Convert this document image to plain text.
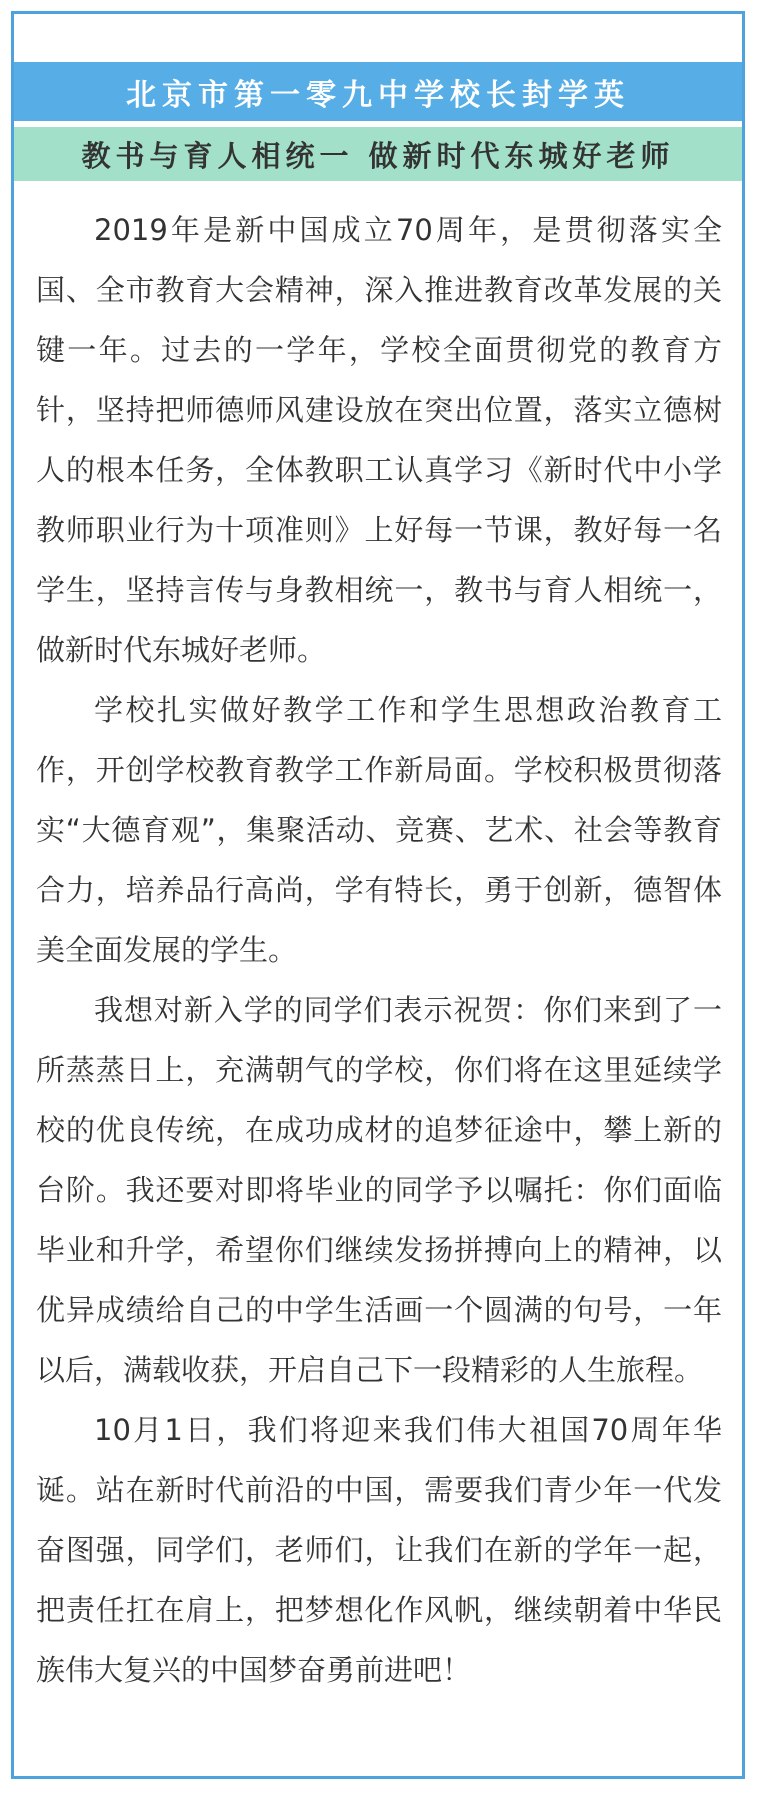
北京市第一零九中学校长封学英
教书与育人相统一 做新时代东城好老师

2019年是新中国成立70周年，是贯彻落实全国、全市教育大会精神，深入推进教育改革发展的关键一年。过去的一学年，学校全面贯彻党的教育方针，坚持把师德师风建设放在突出位置，落实立德树人的根本任务，全体教职工认真学习《新时代中小学教师职业行为十项准则》上好每一节课，教好每一名学生，坚持言传与身教相统一，教书与育人相统一，做新时代东城好老师。

学校扎实做好教学工作和学生思想政治教育工作，开创学校教育教学工作新局面。学校积极贯彻落实“大德育观”，集聚活动、竞赛、艺术、社会等教育合力，培养品行高尚，学有特长，勇于创新，德智体美全面发展的学生。

我想对新入学的同学们表示祝贺：你们来到了一所蒸蒸日上，充满朝气的学校，你们将在这里延续学校的优良传统，在成功成材的追梦征途中，攀上新的台阶。我还要对即将毕业的同学予以嘱托：你们面临毕业和升学，希望你们继续发扬拼搏向上的精神，以优异成绩给自己的中学生活画一个圆满的句号，一年以后，满载收获，开启自己下一段精彩的人生旅程。

10月1日，我们将迎来我们伟大祖国70周年华诞。站在新时代前沿的中国，需要我们青少年一代发奋图强，同学们，老师们，让我们在新的学年一起，把责任扛在肩上，把梦想化作风帆，继续朝着中华民族伟大复兴的中国梦奋勇前进吧！
